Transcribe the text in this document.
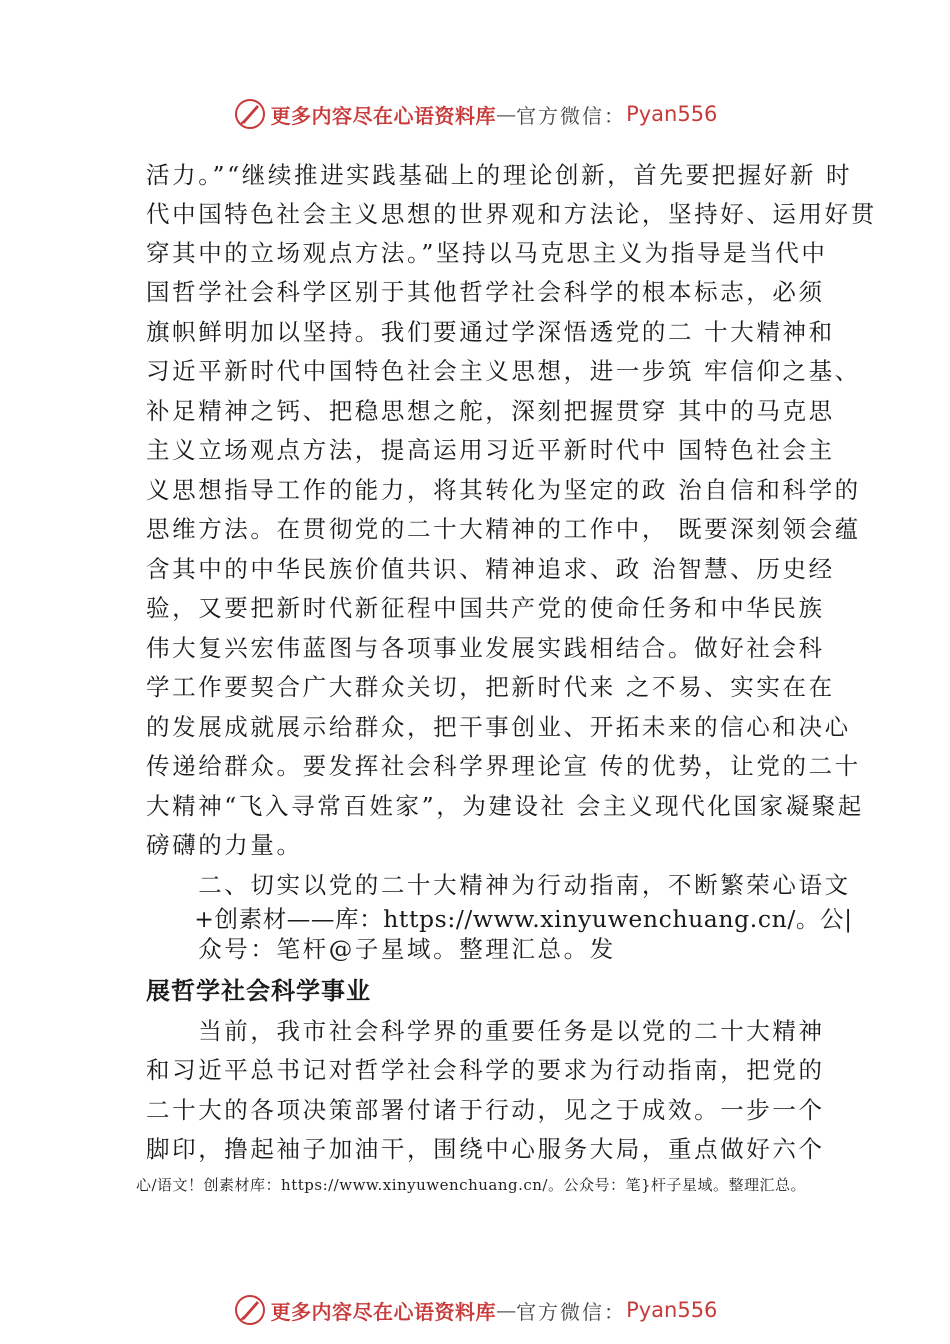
更多内容尽在心语资料库 — 官方微信： Pyan556
活力。”“继续推进实践基础上的理论创新，首先要把握好新 时
代中国特色社会主义思想的世界观和方法论，坚持好、运用好贯
穿其中的立场观点方法。”坚持以马克思主义为指导是当代中
国哲学社会科学区别于其他哲学社会科学的根本标志，必须
旗帜鲜明加以坚持。我们要通过学深悟透党的二 十大精神和
习近平新时代中国特色社会主义思想，进一步筑 牢信仰之基、
补足精神之钙、把稳思想之舵，深刻把握贯穿 其中的马克思
主义立场观点方法，提高运用习近平新时代中 国特色社会主
义思想指导工作的能力，将其转化为坚定的政 治自信和科学的
思维方法。在贯彻党的二十大精神的工作中， 既要深刻领会蕴
含其中的中华民族价值共识、精神追求、政 治智慧、历史经
验，又要把新时代新征程中国共产党的使命任务和中华民族
伟大复兴宏伟蓝图与各项事业发展实践相结合。做好社会科
学工作要契合广大群众关切，把新时代来 之不易、实实在在
的发展成就展示给群众，把干事创业、开拓未来的信心和决心
传递给群众。要发挥社会科学界理论宣 传的优势，让党的二十
大精神“飞入寻常百姓家”，为建设社 会主义现代化国家凝聚起
磅礴的力量。
　　二、切实以党的二十大精神为行动指南，不断繁荣心语文
　　+创素材——库：https://www.xinyuwenchuang.cn/。公|
　　众号：笔杆@子星域。整理汇总。发
展哲学社会科学事业
　　当前，我市社会科学界的重要任务是以党的二十大精神
和习近平总书记对哲学社会科学的要求为行动指南，把党的
二十大的各项决策部署付诸于行动，见之于成效。一步一个
脚印，撸起袖子加油干，围绕中心服务大局，重点做好六个
心/语文！创素材库：https://www.xinyuwenchuang.cn/。公众号：笔}杆子星域。整理汇总。
更多内容尽在心语资料库 — 官方微信： Pyan556
